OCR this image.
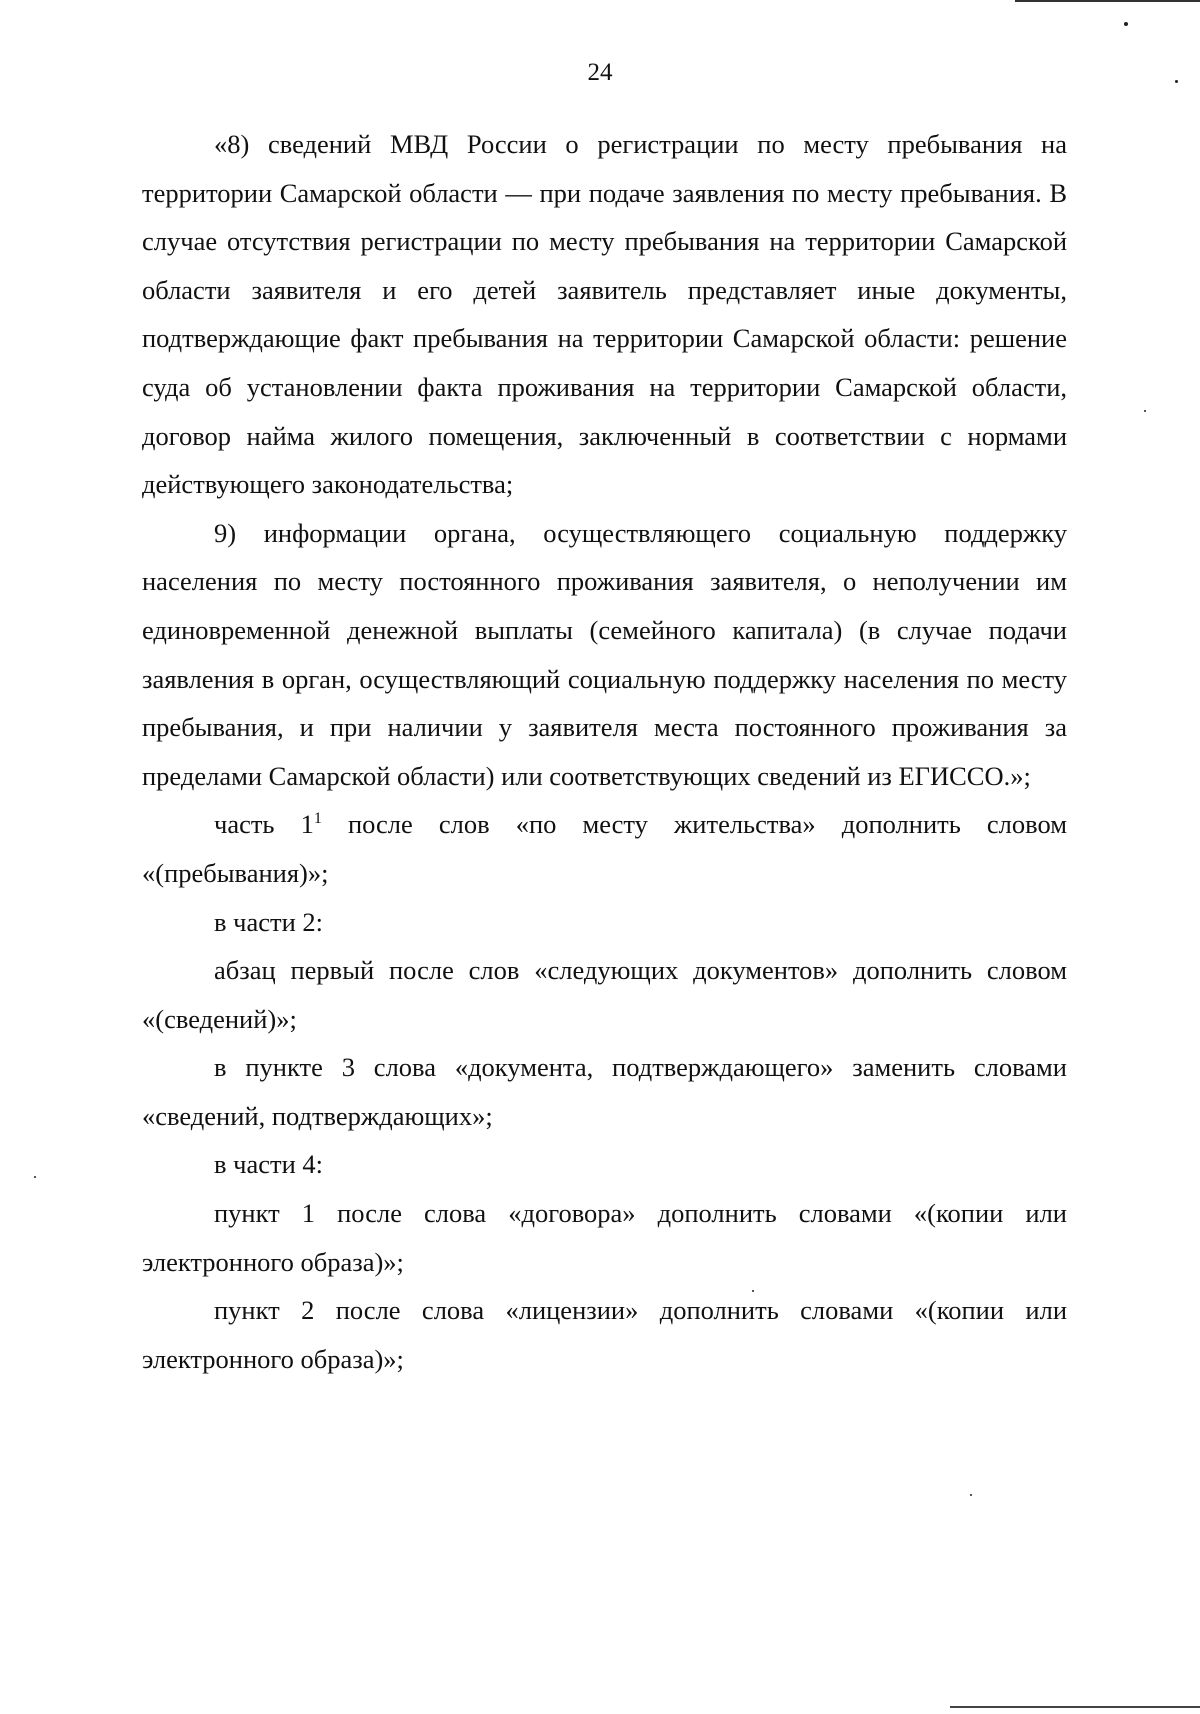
24

«8) сведений МВД России о регистрации по месту пребывания на территории Самарской области — при подаче заявления по месту пребывания. В случае отсутствия регистрации по месту пребывания на территории Самарской области заявителя и его детей заявитель представляет иные документы, подтверждающие факт пребывания на территории Самарской области: решение суда об установлении факта проживания на территории Самарской области, договор найма жилого помещения, заключенный в соответствии с нормами действующего законодательства;

9) информации органа, осуществляющего социальную поддержку населения по месту постоянного проживания заявителя, о неполучении им единовременной денежной выплаты (семейного капитала) (в случае подачи заявления в орган, осуществляющий социальную поддержку населения по месту пребывания, и при наличии у заявителя места постоянного проживания за пределами Самарской области) или соответствующих сведений из ЕГИССО.»;

часть $1^1$ после слов «по месту жительства» дополнить словом «(пребывания)»;

в части 2:

абзац первый после слов «следующих документов» дополнить словом «(сведений)»;

в пункте 3 слова «документа, подтверждающего» заменить словами «сведений, подтверждающих»;

в части 4:

пункт 1 после слова «договора» дополнить словами «(копии или электронного образа)»;

пункт 2 после слова «лицензии» дополнить словами «(копии или электронного образа)»;
